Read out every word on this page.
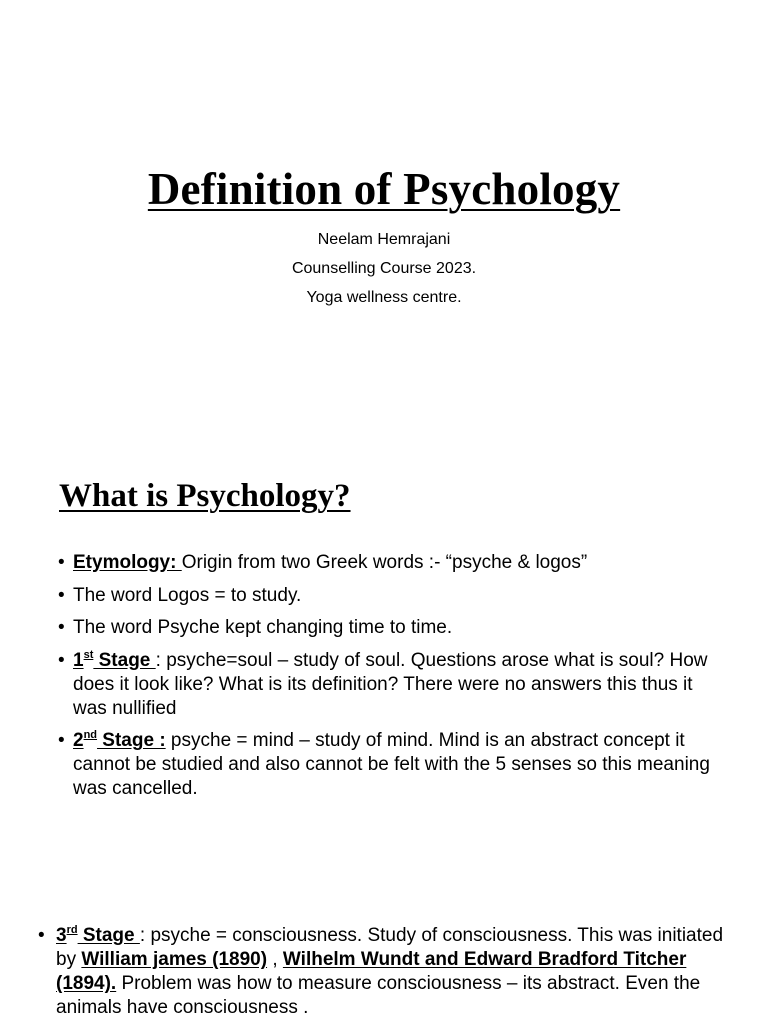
Definition of Psychology
Neelam Hemrajani
Counselling Course 2023.
Yoga wellness centre.
What is Psychology?
• Etymology: Origin from two Greek words :- “psyche & logos”
• The word Logos = to study.
• The word Psyche kept changing time to time.
• 1st Stage : psyche=soul – study of soul. Questions arose what is soul? How does it look like? What is its definition? There were no answers this thus it was nullified
• 2nd Stage : psyche = mind – study of mind. Mind is an abstract concept it cannot be studied and also cannot be felt with the 5 senses so this meaning was cancelled.
• 3rd Stage : psyche = consciousness. Study of consciousness. This was initiated by William james (1890) , Wilhelm Wundt and Edward Bradford Titcher (1894). Problem was how to measure consciousness – its abstract. Even the animals have consciousness .
